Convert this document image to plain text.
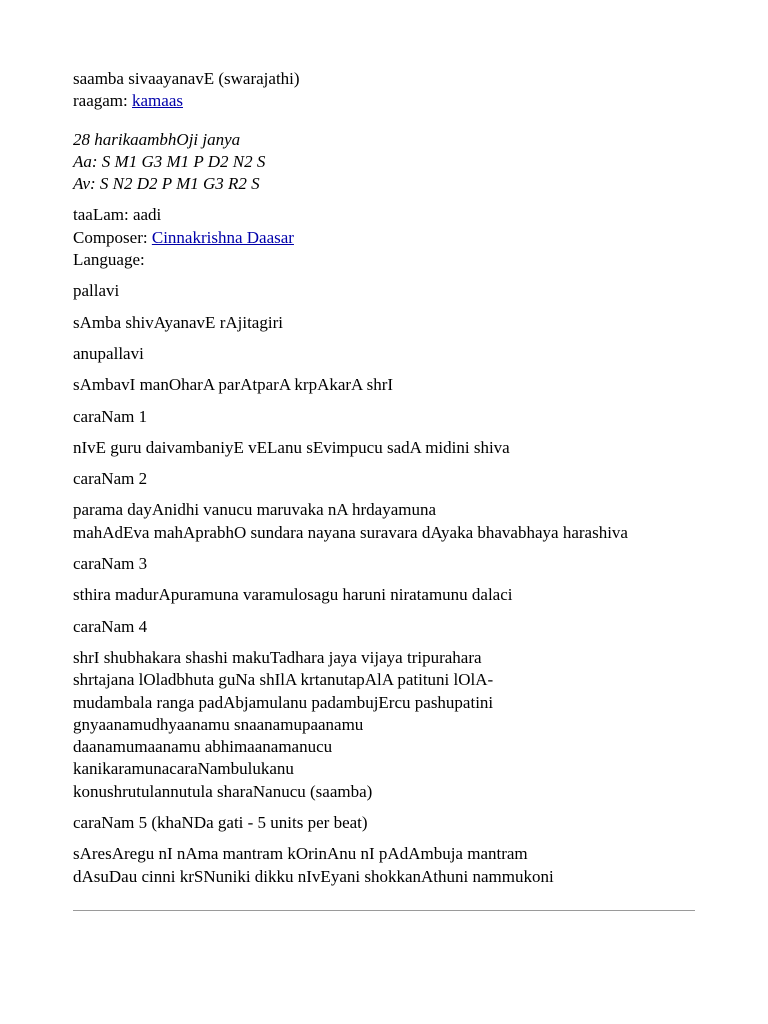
saamba sivaayanavE (swarajathi)
raagam: kamaas
28 harikaambhOji janya
Aa: S M1 G3 M1 P D2 N2 S
Av: S N2 D2 P M1 G3 R2 S
taaLam: aadi
Composer: Cinnakrishna Daasar
Language:
pallavi
sAmba shivAyanavE rAjitagiri
anupallavi
sAmbavI manOharA parAtparA krpAkarA shrI
caraNam 1
nIvE guru daivambaniyE vELanu sEvimpucu sadA midini shiva
caraNam 2
parama dayAnidhi vanucu maruvaka nA hrdayamuna
mahAdEva mahAprabhO sundara nayana suravara dAyaka bhavabhaya harashiva
caraNam 3
sthira madurApuramuna varamulosagu haruni niratamunu dalaci
caraNam 4
shrI shubhakara shashi makuTadhara jaya vijaya tripurahara
shrtajana lOladbhuta guNa shIlA krtanutapAlA patituni lOlA-
mudambala ranga padAbjamulanu padambujErcu pashupatini
gnyaanamudhyaanamu snaanamupaanamu
daanamumaanamu abhimaanamanucu
kanikaramunacaraNambulukanu
konushrutulannutula sharaNanucu (saamba)
caraNam 5 (khaNDa gati - 5 units per beat)
sAresAregu nI nAma mantram kOrinAnu nI pAdAmbuja mantram
dAsuDau cinni krSNuniki dikku nIvEyani shokkanAthuni nammukoni
